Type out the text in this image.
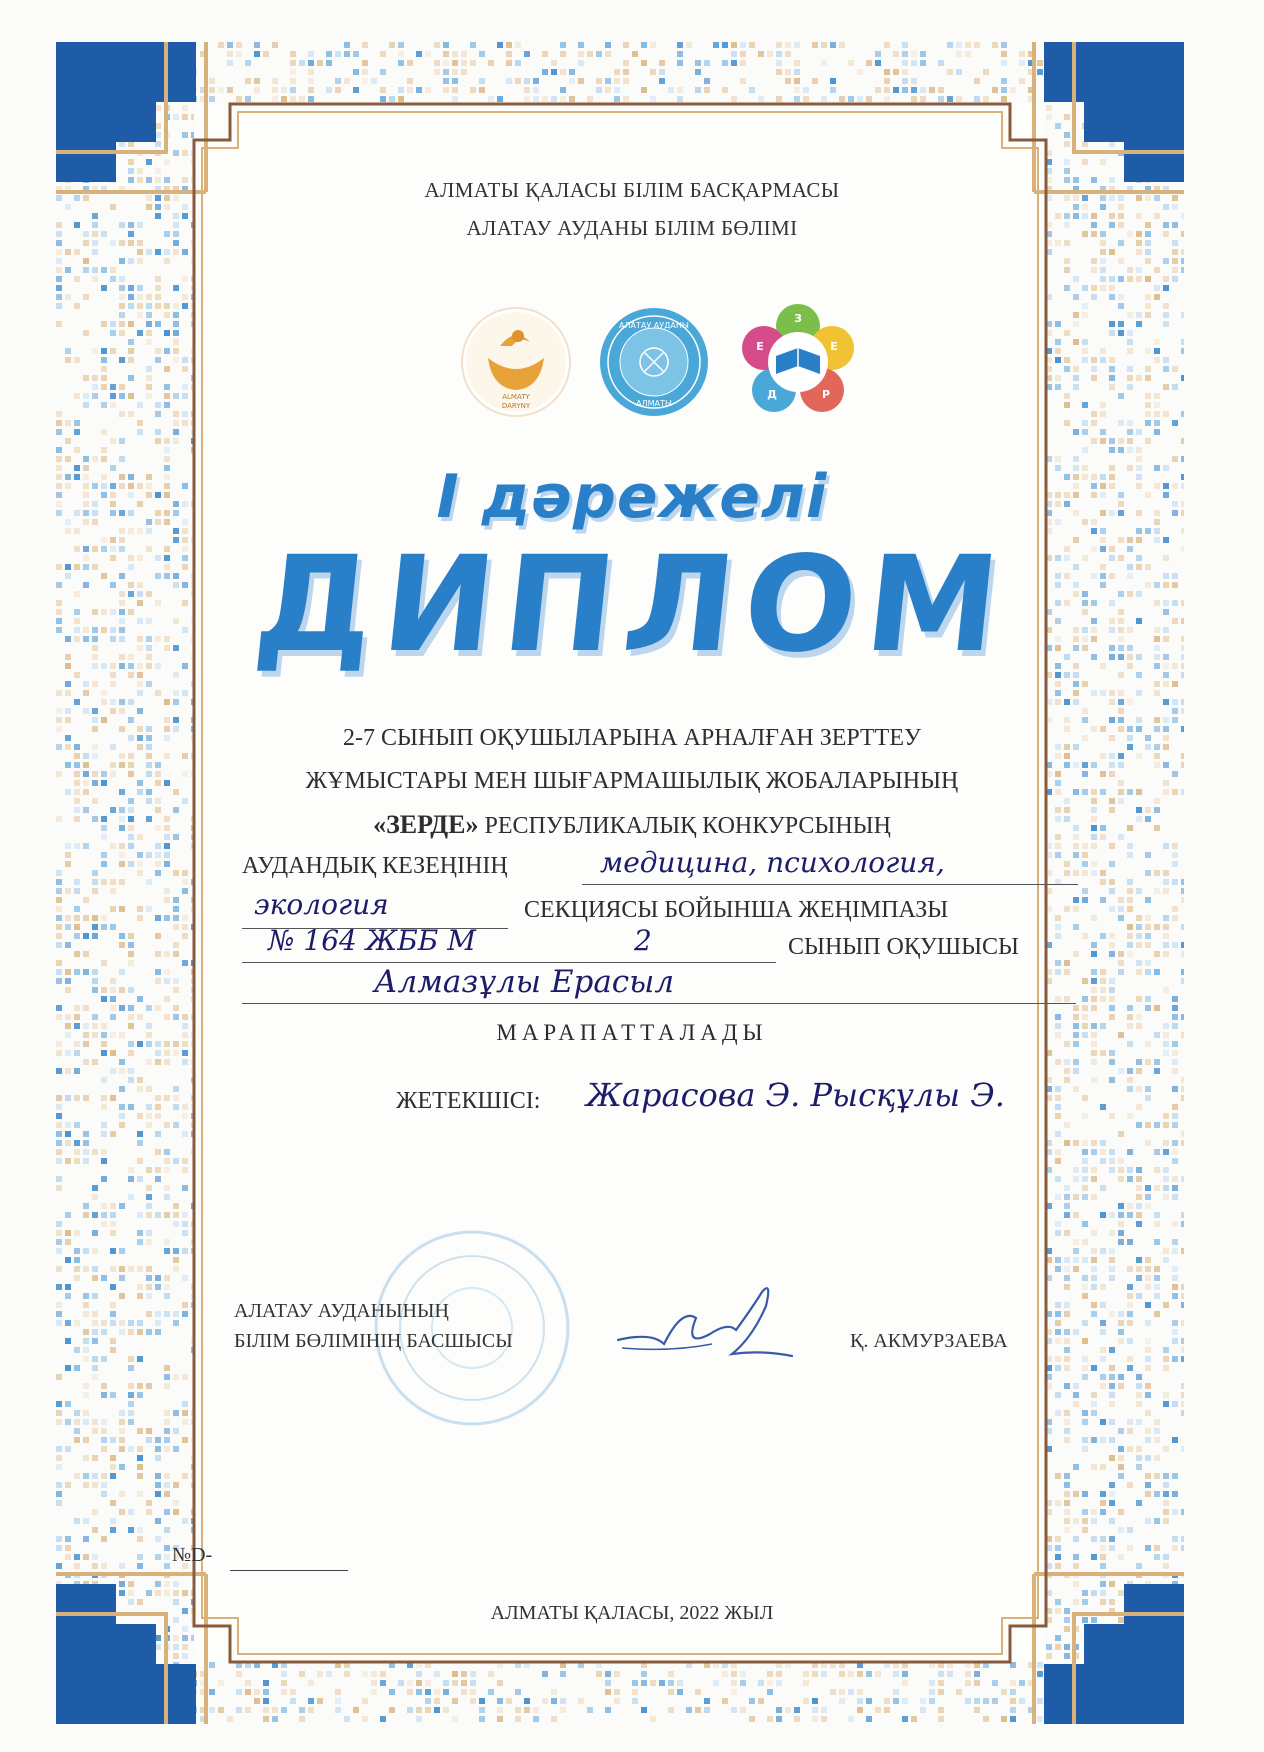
АЛМАТЫ ҚАЛАСЫ БІЛІМ БАСҚАРМАСЫ
АЛАТАУ АУДАНЫ БІЛІМ БӨЛІМІ
ALMATY
DARYNY
АЛАТАУ АУДАНЫ
АЛМАТЫ
З
Е
Р
Д
Е
І дәрежелі
ДИПЛОМ
2-7 СЫНЫП ОҚУШЫЛАРЫНА АРНАЛҒАН ЗЕРТТЕУ
ЖҰМЫСТАРЫ МЕН ШЫҒАРМАШЫЛЫҚ ЖОБАЛАРЫНЫҢ
«ЗЕРДЕ» РЕСПУБЛИКАЛЫҚ КОНКУРСЫНЫҢ
АУДАНДЫҚ КЕЗЕҢІНІҢ	медицина, психология,
экология	СЕКЦИЯСЫ БОЙЫНША ЖЕҢІМПАЗЫ
№ 164 ЖББ М	2	СЫНЫП ОҚУШЫСЫ
Алмазұлы Ерасыл
МАРАПАТТАЛАДЫ
ЖЕТЕКШІСІ: Жарасова Э. Рысқұлы Э.
АЛАТАУ АУДАНЫНЫҢ
БІЛІМ БӨЛІМІНІҢ БАСШЫСЫ	Қ. АКМУРЗАЕВА
№D-
АЛМАТЫ ҚАЛАСЫ, 2022 ЖЫЛ
